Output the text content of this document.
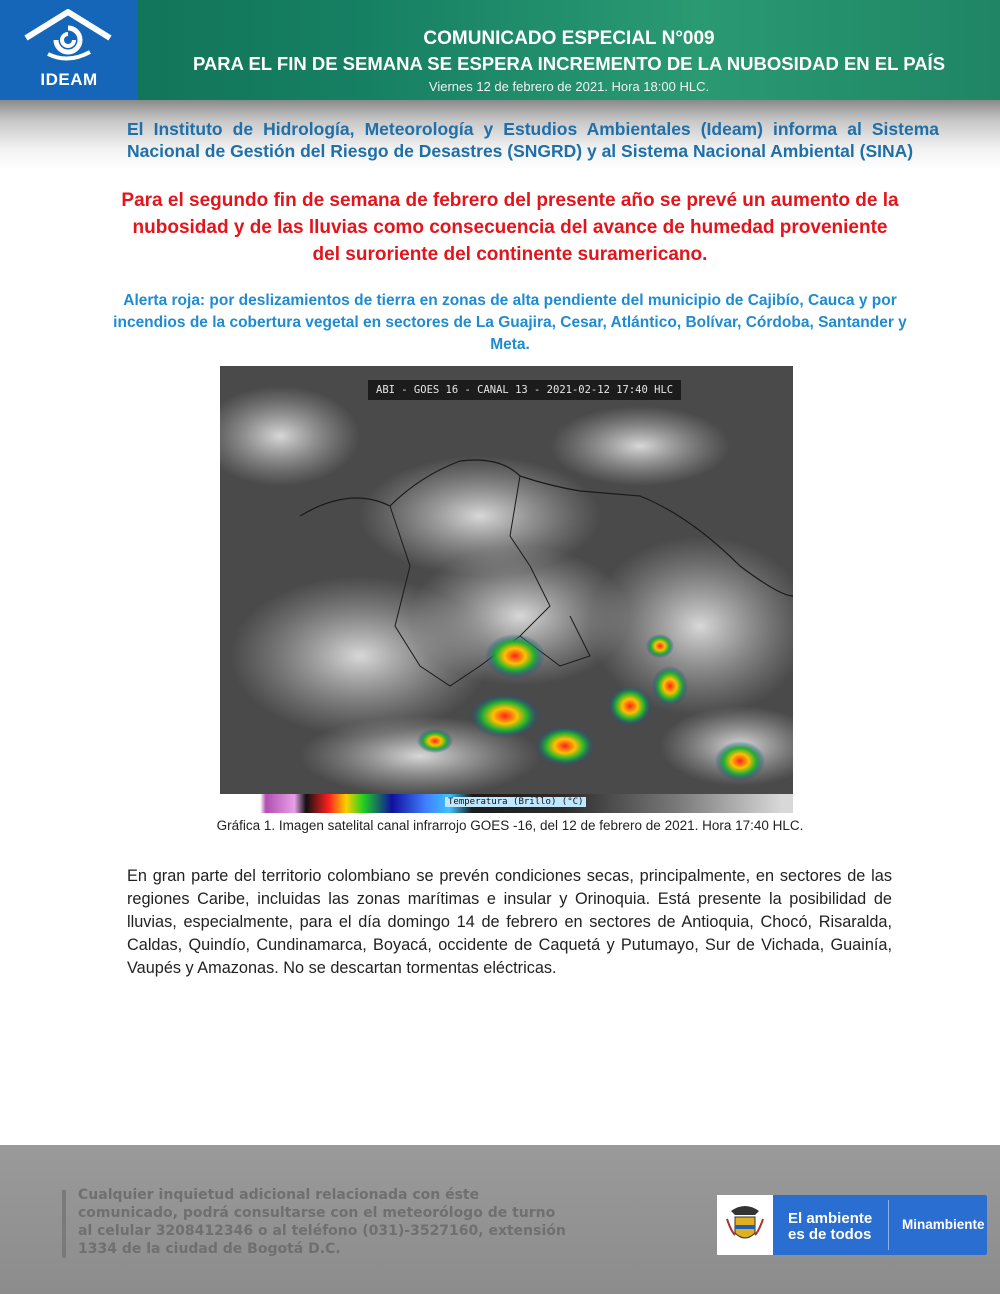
IDEAM
COMUNICADO ESPECIAL N°009
PARA EL FIN DE SEMANA SE ESPERA INCREMENTO DE LA NUBOSIDAD EN EL PAÍS
Viernes 12 de febrero de 2021. Hora 18:00 HLC.
El Instituto de Hidrología, Meteorología y Estudios Ambientales (Ideam) informa al Sistema Nacional de Gestión del Riesgo de Desastres (SNGRD) y al Sistema Nacional Ambiental (SINA)
Para el segundo fin de semana de febrero del presente año se prevé un aumento de la nubosidad y de las lluvias como consecuencia del avance de humedad proveniente del suroriente del continente suramericano.
Alerta roja: por deslizamientos de tierra en zonas de alta pendiente del municipio de Cajibío, Cauca y por incendios de la cobertura vegetal en sectores de La Guajira, Cesar, Atlántico, Bolívar, Córdoba, Santander y Meta.
ABI - GOES 16 - CANAL 13 - 2021-02-12 17:40 HLC
Temperatura (Brillo) (°C)
Gráfica 1. Imagen satelital canal infrarrojo GOES -16, del 12 de febrero de 2021. Hora 17:40 HLC.
En gran parte del territorio colombiano se prevén condiciones secas, principalmente, en sectores de las regiones Caribe, incluidas las zonas marítimas e insular y Orinoquia. Está presente la posibilidad de lluvias, especialmente, para el día domingo 14 de febrero en sectores de Antioquia, Chocó, Risaralda, Caldas, Quindío, Cundinamarca, Boyacá, occidente de Caquetá y Putumayo, Sur de Vichada, Guainía, Vaupés y Amazonas. No se descartan tormentas eléctricas.
Cualquier inquietud adicional relacionada con éste comunicado, podrá consultarse con el meteorólogo de turno al celular 3208412346 o al teléfono (031)-3527160, extensión 1334 de la ciudad de Bogotá D.C.
El ambiente
es de todos
Minambiente
